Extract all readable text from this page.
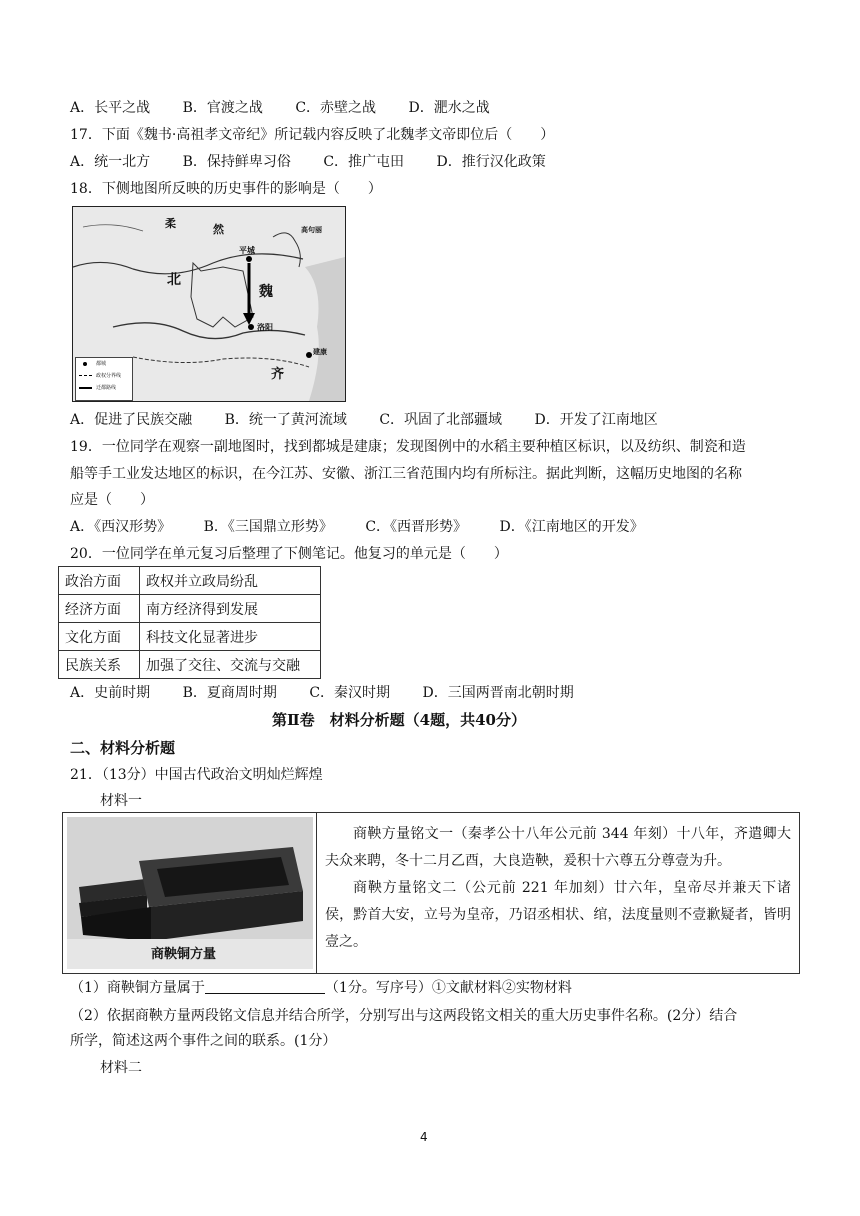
A．长平之战 B．官渡之战 C．赤壁之战 D．淝水之战
17．下面《魏书·高祖孝文帝纪》所记载内容反映了北魏孝文帝即位后（　　）
A．统一北方 B．保持鲜卑习俗 C．推广屯田 D．推行汉化政策
18．下侧地图所反映的历史事件的影响是（　　）
柔	然	高句丽
北
魏
平城
洛阳
齐
建康
都城
政权分界线
迁都路线
A．促进了民族交融 B．统一了黄河流域 C．巩固了北部疆域 D．开发了江南地区
19．一位同学在观察一副地图时，找到都城是建康；发现图例中的水稻主要种植区标识，以及纺织、制瓷和造
船等手工业发达地区的标识，在今江苏、安徽、浙江三省范围内均有所标注。据此判断，这幅历史地图的名称
应是（　　）
A．《西汉形势》 B．《三国鼎立形势》 C．《西晋形势》 D．《江南地区的开发》
20．一位同学在单元复习后整理了下侧笔记。他复习的单元是（　　）
政治方面	政权并立政局纷乱
经济方面	南方经济得到发展
文化方面	科技文化显著进步
民族关系	加强了交往、交流与交融
A．史前时期 B．夏商周时期 C．秦汉时期 D．三国两晋南北朝时期
第Ⅱ卷　材料分析题（4题，共40分）
二、材料分析题
21．（13分）中国古代政治文明灿烂辉煌
材料一
商鞅铜方量

商鞅方量铭文一（秦孝公十八年公元前 344 年刻）十八年，齐遣卿大夫众来聘，冬十二月乙酉，大良造鞅，爰积十六尊五分尊壹为升。

商鞅方量铭文二（公元前 221 年加刻）廿六年，皇帝尽并兼天下诸侯，黔首大安，立号为皇帝，乃诏丞相状、绾，法度量则不壹歉疑者，皆明壹之。

（1）商鞅铜方量属于	（1分。写序号）①文献材料②实物材料
（2）依据商鞅方量两段铭文信息并结合所学，分别写出与这两段铭文相关的重大历史事件名称。(2分）结合
所学，简述这两个事件之间的联系。(1分）
材料二
4
